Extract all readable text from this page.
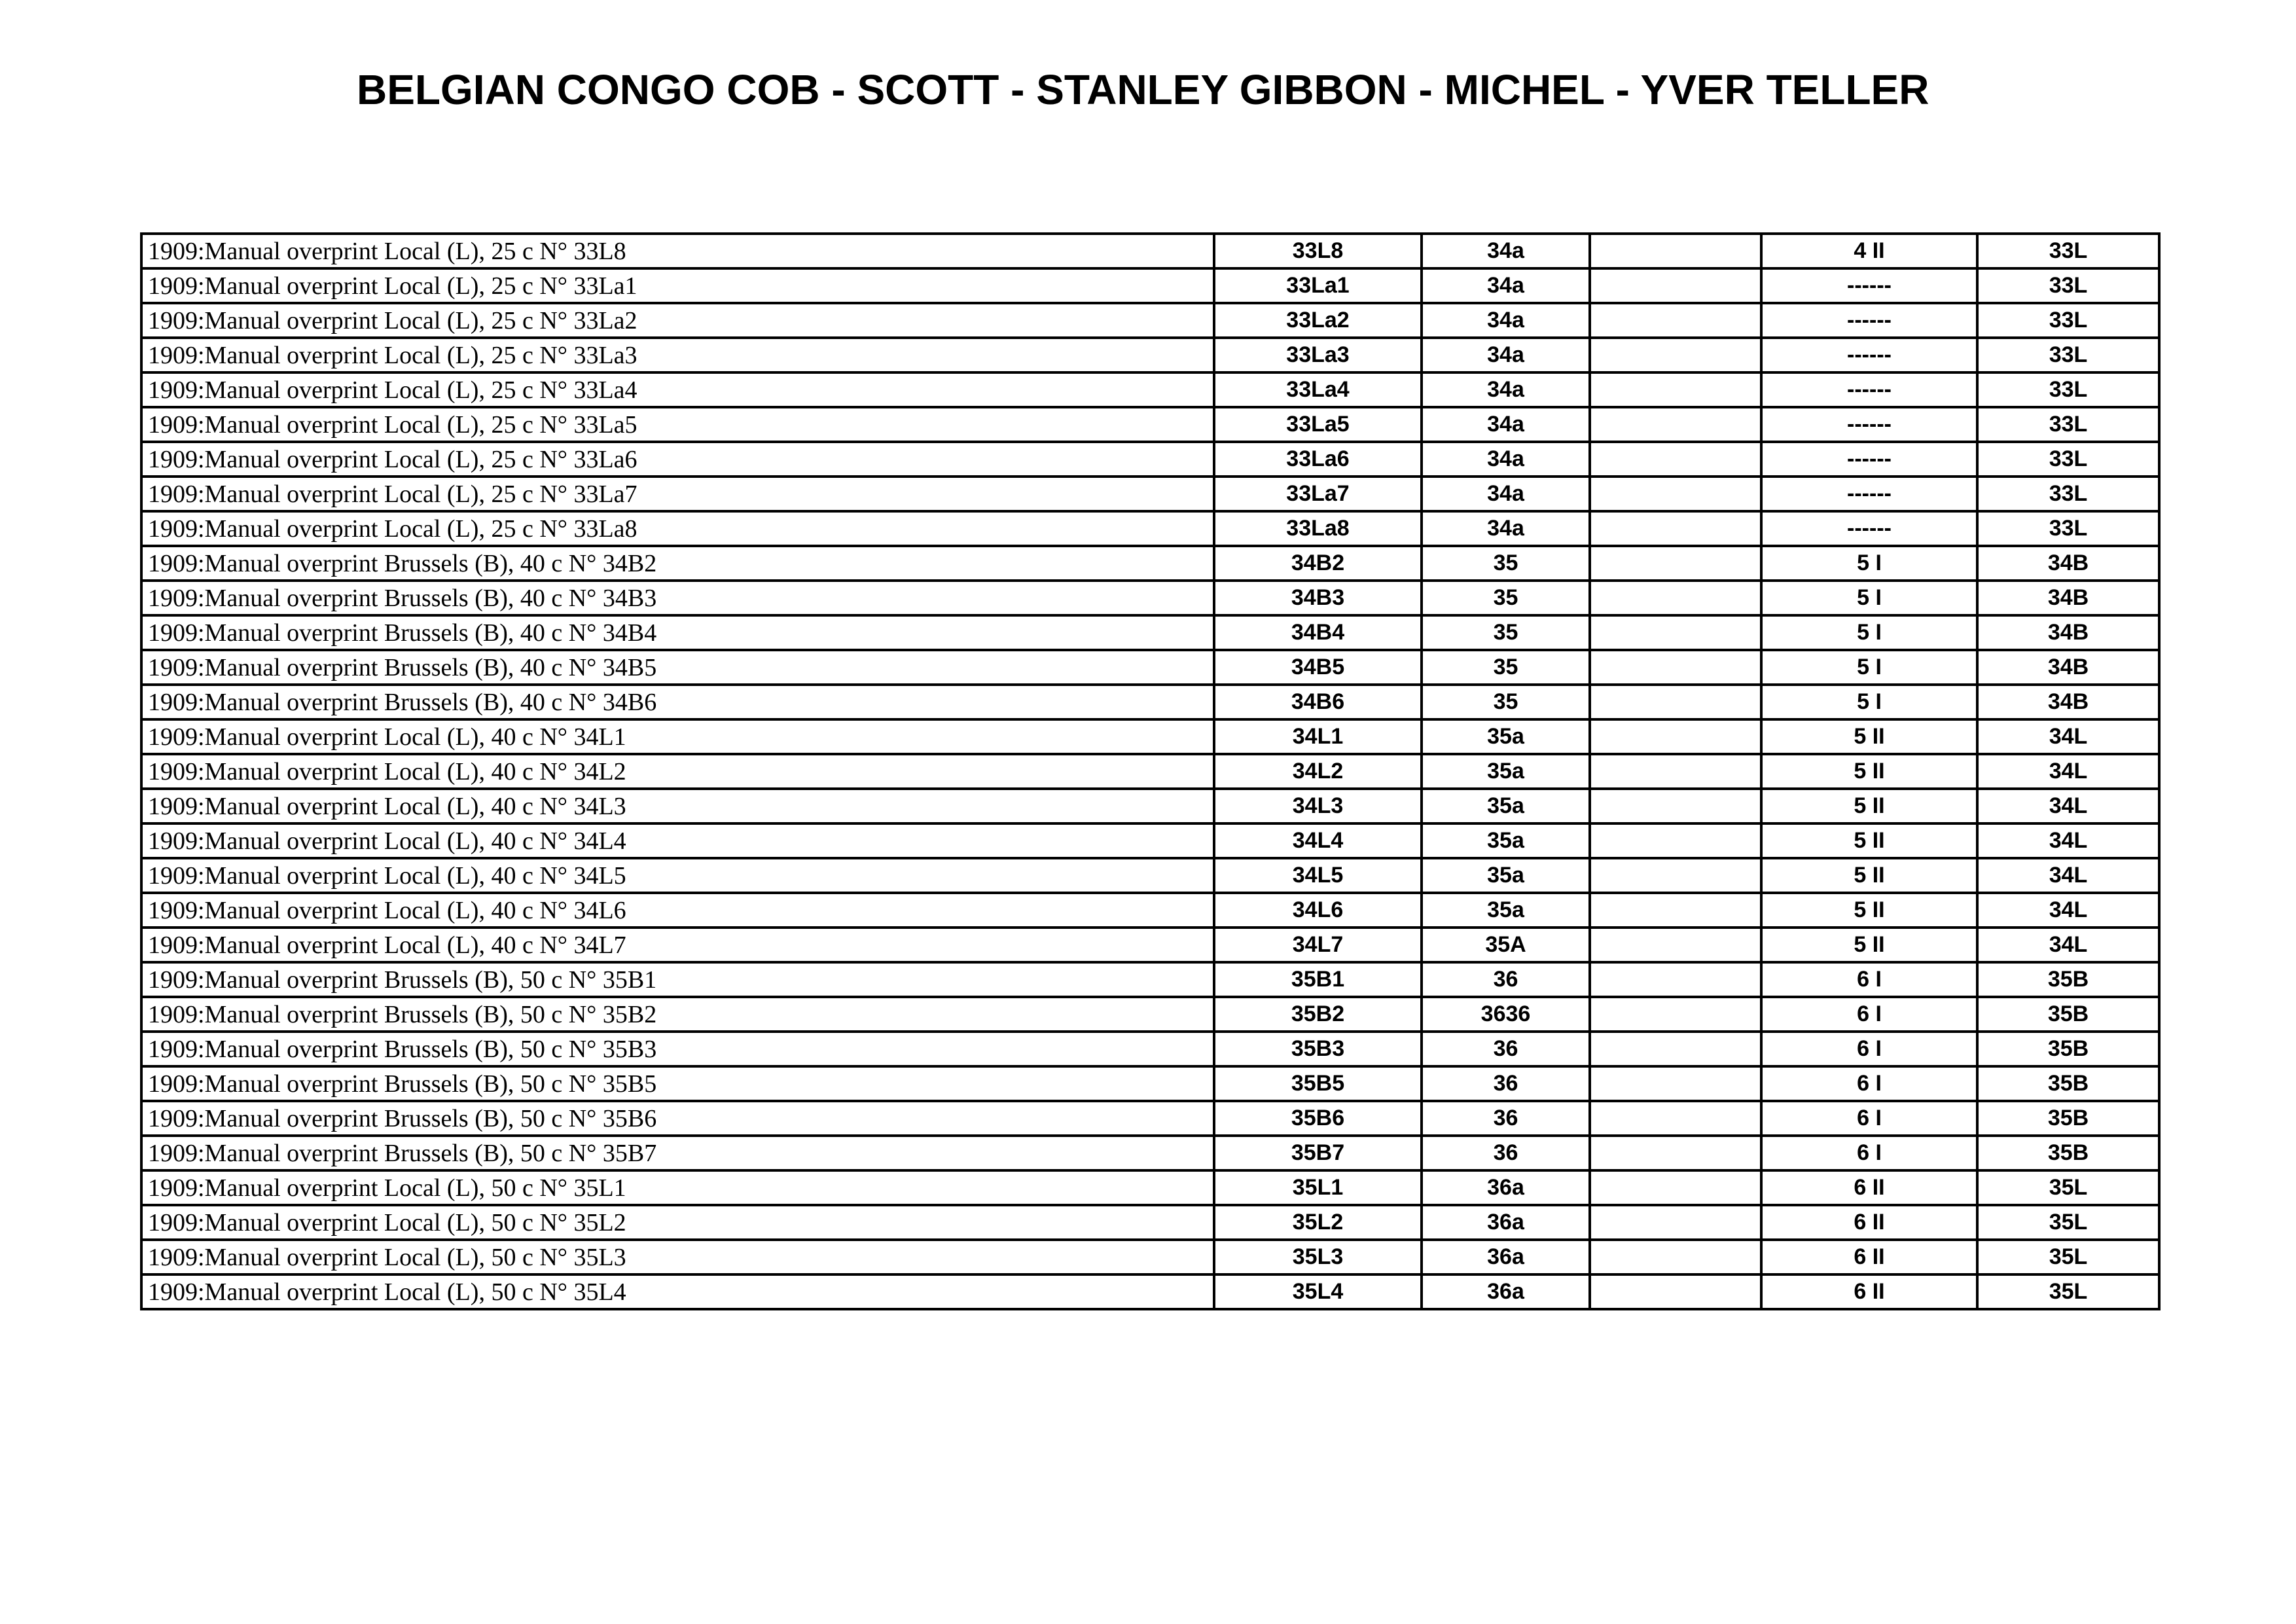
BELGIAN CONGO COB - SCOTT - STANLEY GIBBON - MICHEL - YVER TELLER
1909:Manual overprint Local (L), 25 c N° 33L8	33L8	34a		4 II	33L
1909:Manual overprint Local (L), 25 c N° 33La1	33La1	34a		------	33L
1909:Manual overprint Local (L), 25 c N° 33La2	33La2	34a		------	33L
1909:Manual overprint Local (L), 25 c N° 33La3	33La3	34a		------	33L
1909:Manual overprint Local (L), 25 c N° 33La4	33La4	34a		------	33L
1909:Manual overprint Local (L), 25 c N° 33La5	33La5	34a		------	33L
1909:Manual overprint Local (L), 25 c N° 33La6	33La6	34a		------	33L
1909:Manual overprint Local (L), 25 c N° 33La7	33La7	34a		------	33L
1909:Manual overprint Local (L), 25 c N° 33La8	33La8	34a		------	33L
1909:Manual overprint Brussels (B), 40 c N° 34B2	34B2	35		5 I	34B
1909:Manual overprint Brussels (B), 40 c N° 34B3	34B3	35		5 I	34B
1909:Manual overprint Brussels (B), 40 c N° 34B4	34B4	35		5 I	34B
1909:Manual overprint Brussels (B), 40 c N° 34B5	34B5	35		5 I	34B
1909:Manual overprint Brussels (B), 40 c N° 34B6	34B6	35		5 I	34B
1909:Manual overprint Local (L), 40 c N° 34L1	34L1	35a		5 II	34L
1909:Manual overprint Local (L), 40 c N° 34L2	34L2	35a		5 II	34L
1909:Manual overprint Local (L), 40 c N° 34L3	34L3	35a		5 II	34L
1909:Manual overprint Local (L), 40 c N° 34L4	34L4	35a		5 II	34L
1909:Manual overprint Local (L), 40 c N° 34L5	34L5	35a		5 II	34L
1909:Manual overprint Local (L), 40 c N° 34L6	34L6	35a		5 II	34L
1909:Manual overprint Local (L), 40 c N° 34L7	34L7	35A		5 II	34L
1909:Manual overprint Brussels (B), 50 c N° 35B1	35B1	36		6 I	35B
1909:Manual overprint Brussels (B), 50 c N° 35B2	35B2	3636		6 I	35B
1909:Manual overprint Brussels (B), 50 c N° 35B3	35B3	36		6 I	35B
1909:Manual overprint Brussels (B), 50 c N° 35B5	35B5	36		6 I	35B
1909:Manual overprint Brussels (B), 50 c N° 35B6	35B6	36		6 I	35B
1909:Manual overprint Brussels (B), 50 c N° 35B7	35B7	36		6 I	35B
1909:Manual overprint Local (L), 50 c N° 35L1	35L1	36a		6 II	35L
1909:Manual overprint Local (L), 50 c N° 35L2	35L2	36a		6 II	35L
1909:Manual overprint Local (L), 50 c N° 35L3	35L3	36a		6 II	35L
1909:Manual overprint Local (L), 50 c N° 35L4	35L4	36a		6 II	35L
